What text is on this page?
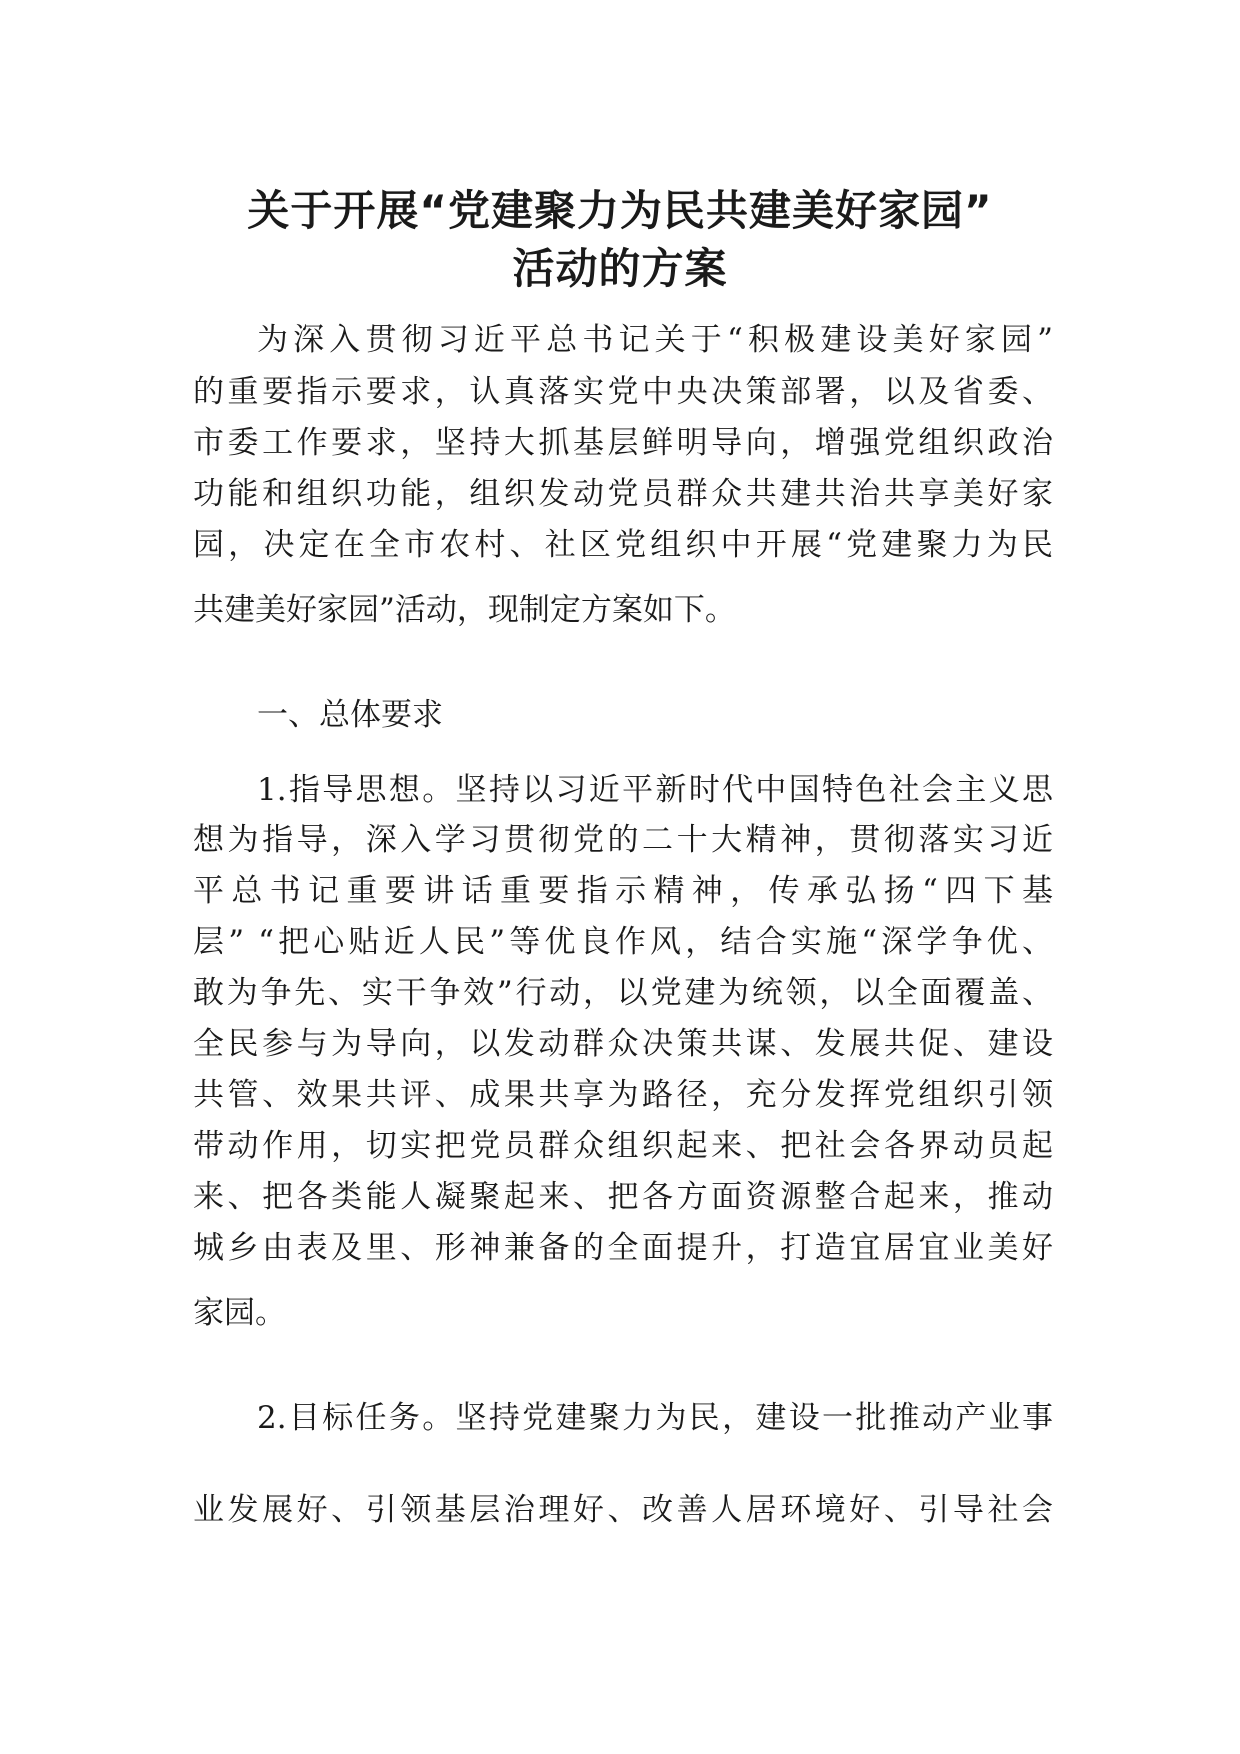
关于开展“党建聚力为民共建美好家园”
活动的方案

为深入贯彻习近平总书记关于“积极建设美好家园”

的重要指示要求，认真落实党中央决策部署，以及省委、

市委工作要求，坚持大抓基层鲜明导向，增强党组织政治

功能和组织功能，组织发动党员群众共建共治共享美好家

园，决定在全市农村、社区党组织中开展“党建聚力为民

共建美好家园”活动，现制定方案如下。

一、总体要求

1.指导思想。坚持以习近平新时代中国特色社会主义思

想为指导，深入学习贯彻党的二十大精神，贯彻落实习近

平总书记重要讲话重要指示精神，传承弘扬“四下基

层” “把心贴近人民”等优良作风，结合实施“深学争优、

敢为争先、实干争效”行动，以党建为统领，以全面覆盖、

全民参与为导向，以发动群众决策共谋、发展共促、建设

共管、效果共评、成果共享为路径，充分发挥党组织引领

带动作用，切实把党员群众组织起来、把社会各界动员起

来、把各类能人凝聚起来、把各方面资源整合起来，推动

城乡由表及里、形神兼备的全面提升，打造宜居宜业美好

家园。

2.目标任务。坚持党建聚力为民，建设一批推动产业事

业发展好、引领基层治理好、改善人居环境好、引导社会
